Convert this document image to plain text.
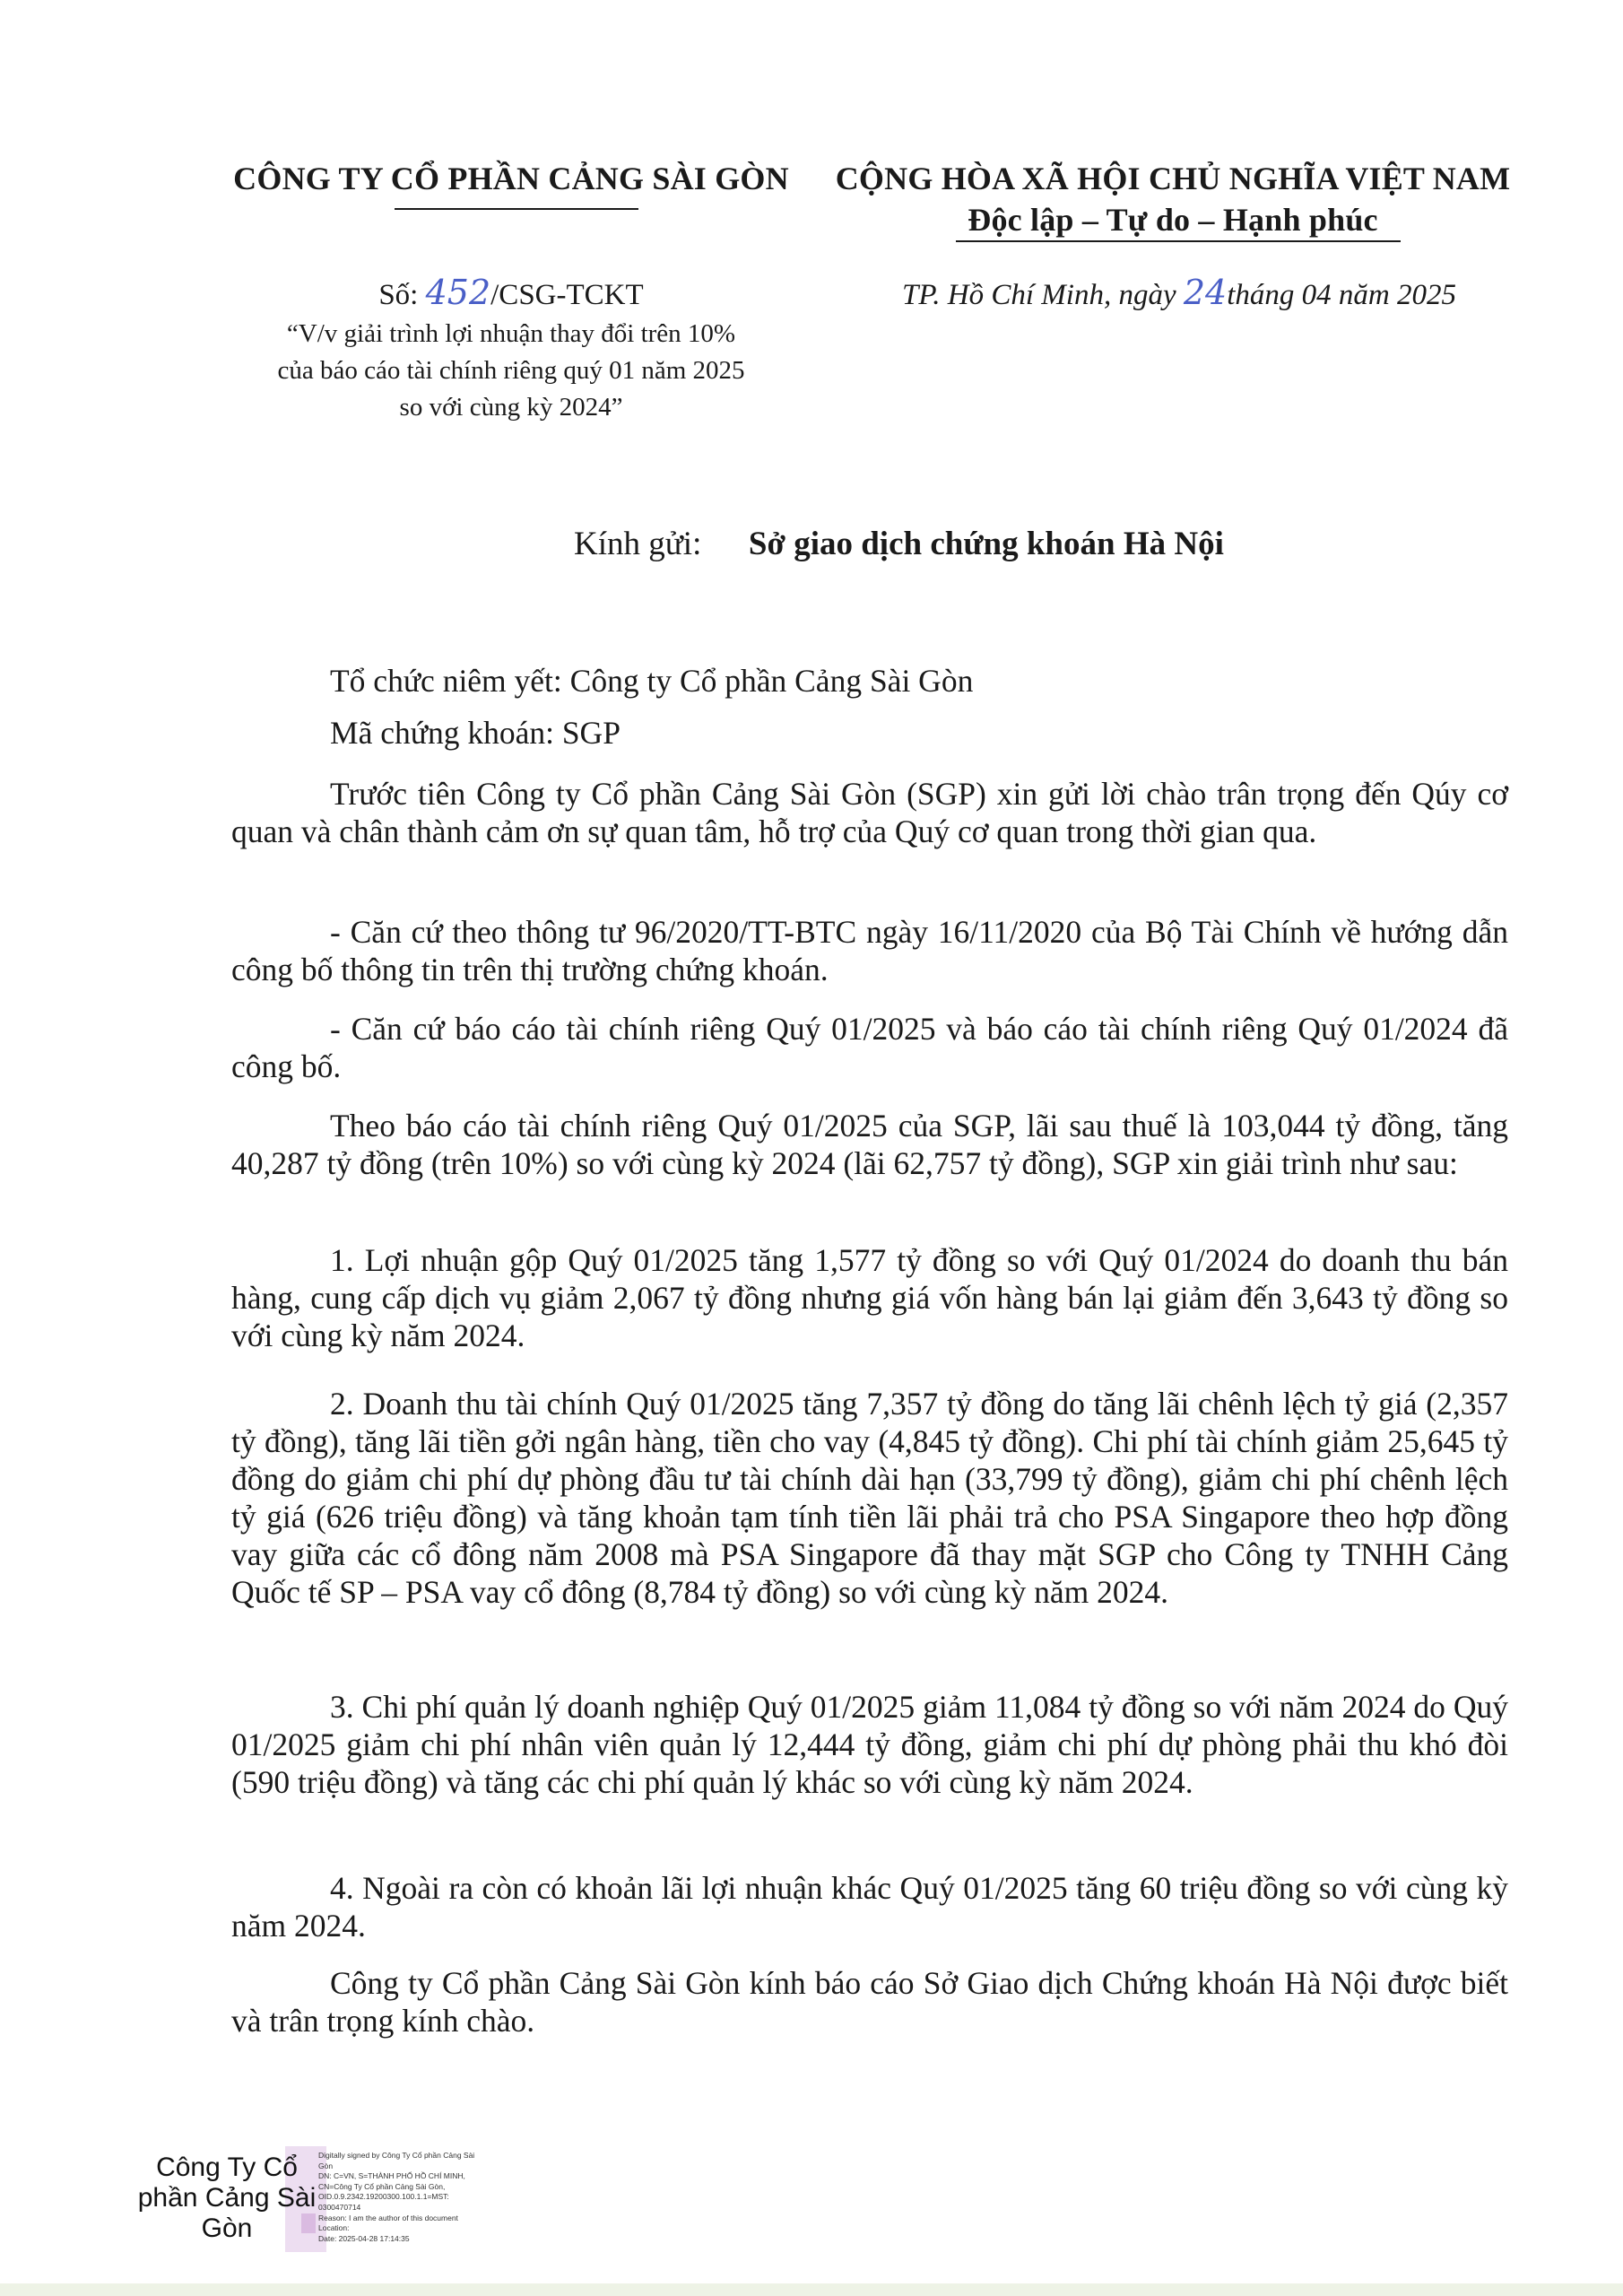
CÔNG TY CỔ PHẦN CẢNG SÀI GÒN	CỘNG HÒA XÃ HỘI CHỦ NGHĨA VIỆT NAM
Độc lập – Tự do – Hạnh phúc
Số: 452/CSG-TCKT
“V/v giải trình lợi nhuận thay đổi trên 10%
của báo cáo tài chính riêng quý 01 năm 2025
so với cùng kỳ 2024”
TP. Hồ Chí Minh, ngày 24tháng 04 năm 2025
Kính gửi: Sở giao dịch chứng khoán Hà Nội
Tổ chức niêm yết: Công ty Cổ phần Cảng Sài Gòn
Mã chứng khoán: SGP
Trước tiên Công ty Cổ phần Cảng Sài Gòn (SGP) xin gửi lời chào trân trọng đến Qúy cơ quan và chân thành cảm ơn sự quan tâm, hỗ trợ của Quý cơ quan trong thời gian qua.
- Căn cứ theo thông tư 96/2020/TT-BTC ngày 16/11/2020 của Bộ Tài Chính về hướng dẫn công bố thông tin trên thị trường chứng khoán.
- Căn cứ báo cáo tài chính riêng Quý 01/2025 và báo cáo tài chính riêng Quý 01/2024 đã công bố.
Theo báo cáo tài chính riêng Quý 01/2025 của SGP, lãi sau thuế là 103,044 tỷ đồng, tăng 40,287 tỷ đồng (trên 10%) so với cùng kỳ 2024 (lãi 62,757 tỷ đồng), SGP xin giải trình như sau:
1. Lợi nhuận gộp Quý 01/2025 tăng 1,577 tỷ đồng so với Quý 01/2024 do doanh thu bán hàng, cung cấp dịch vụ giảm 2,067 tỷ đồng nhưng giá vốn hàng bán lại giảm đến 3,643 tỷ đồng so với cùng kỳ năm 2024.
2. Doanh thu tài chính Quý 01/2025 tăng 7,357 tỷ đồng do tăng lãi chênh lệch tỷ giá (2,357 tỷ đồng), tăng lãi tiền gởi ngân hàng, tiền cho vay (4,845 tỷ đồng). Chi phí tài chính giảm 25,645 tỷ đồng do giảm chi phí dự phòng đầu tư tài chính dài hạn (33,799 tỷ đồng), giảm chi phí chênh lệch tỷ giá (626 triệu đồng) và tăng khoản tạm tính tiền lãi phải trả cho PSA Singapore theo hợp đồng vay giữa các cổ đông năm 2008 mà PSA Singapore đã thay mặt SGP cho Công ty TNHH Cảng Quốc tế SP – PSA vay cổ đông (8,784 tỷ đồng) so với cùng kỳ năm 2024.
3. Chi phí quản lý doanh nghiệp Quý 01/2025 giảm 11,084 tỷ đồng so với năm 2024 do Quý 01/2025 giảm chi phí nhân viên quản lý 12,444 tỷ đồng, giảm chi phí dự phòng phải thu khó đòi (590 triệu đồng) và tăng các chi phí quản lý khác so với cùng kỳ năm 2024.
4. Ngoài ra còn có khoản lãi lợi nhuận khác Quý 01/2025 tăng 60 triệu đồng so với cùng kỳ năm 2024.
Công ty Cổ phần Cảng Sài Gòn kính báo cáo Sở Giao dịch Chứng khoán Hà Nội được biết và trân trọng kính chào.
Công Ty Cổ
phần Cảng Sài
Gòn
Digitally signed by Công Ty Cổ phần Cảng Sài
Gòn
DN: C=VN, S=THÀNH PHỐ HỒ CHÍ MINH,
CN=Công Ty Cổ phần Cảng Sài Gòn,
OID.0.9.2342.19200300.100.1.1=MST:
0300470714
Reason: I am the author of this document
Location:
Date: 2025-04-28 17:14:35
